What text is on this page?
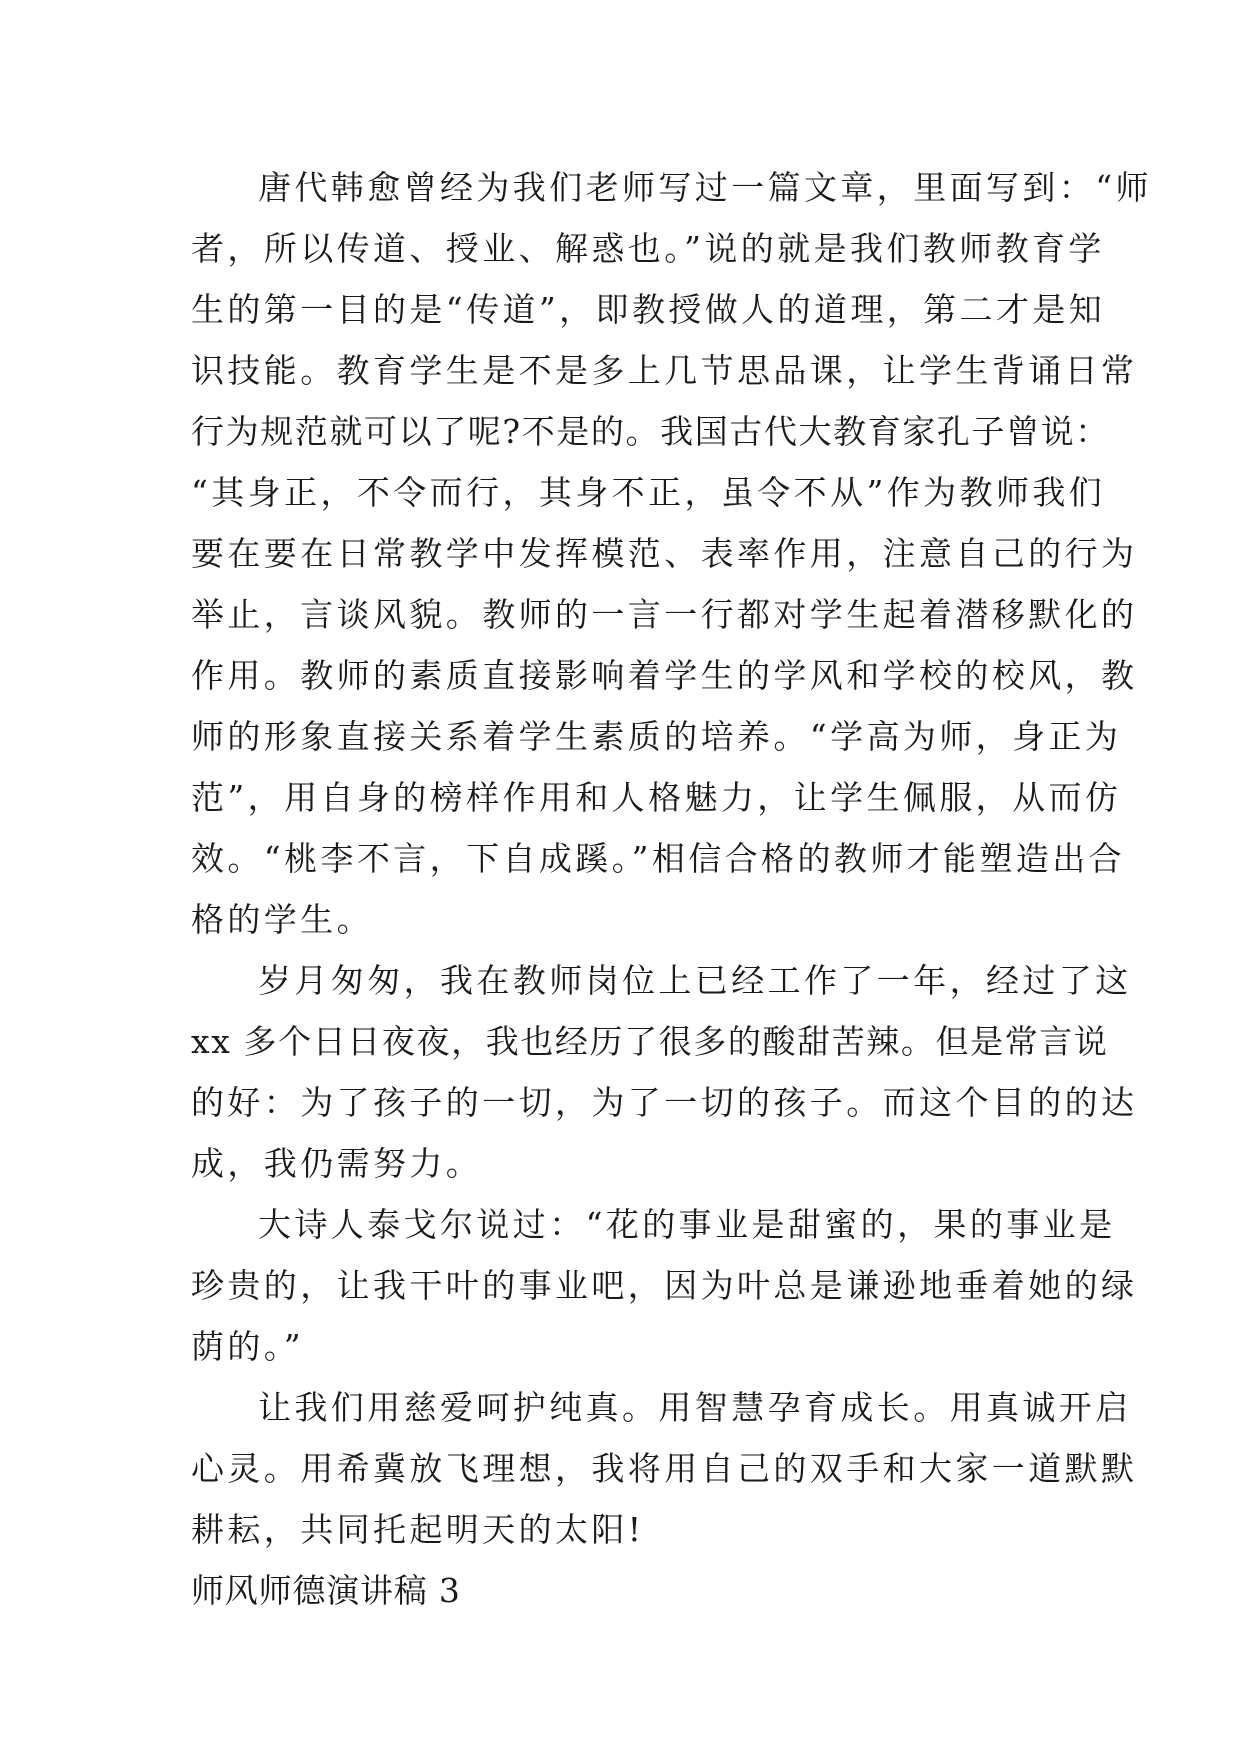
唐代韩愈曾经为我们老师写过一篇文章，里面写到：“师
者，所以传道、授业、解惑也。”说的就是我们教师教育学
生的第一目的是“传道”，即教授做人的道理，第二才是知
识技能。教育学生是不是多上几节思品课，让学生背诵日常
行为规范就可以了呢?不是的。我国古代大教育家孔子曾说：
“其身正，不令而行，其身不正，虽令不从”作为教师我们
要在要在日常教学中发挥模范、表率作用，注意自己的行为
举止，言谈风貌。教师的一言一行都对学生起着潜移默化的
作用。教师的素质直接影响着学生的学风和学校的校风，教
师的形象直接关系着学生素质的培养。“学高为师，身正为
范”，用自身的榜样作用和人格魅力，让学生佩服，从而仿
效。“桃李不言，下自成蹊。”相信合格的教师才能塑造出合
格的学生。
岁月匆匆，我在教师岗位上已经工作了一年，经过了这
xx 多个日日夜夜，我也经历了很多的酸甜苦辣。但是常言说
的好：为了孩子的一切，为了一切的孩子。而这个目的的达
成，我仍需努力。
大诗人泰戈尔说过：“花的事业是甜蜜的，果的事业是
珍贵的，让我干叶的事业吧，因为叶总是谦逊地垂着她的绿
荫的。”
让我们用慈爱呵护纯真。用智慧孕育成长。用真诚开启
心灵。用希冀放飞理想，我将用自己的双手和大家一道默默
耕耘，共同托起明天的太阳!
师风师德演讲稿 3
